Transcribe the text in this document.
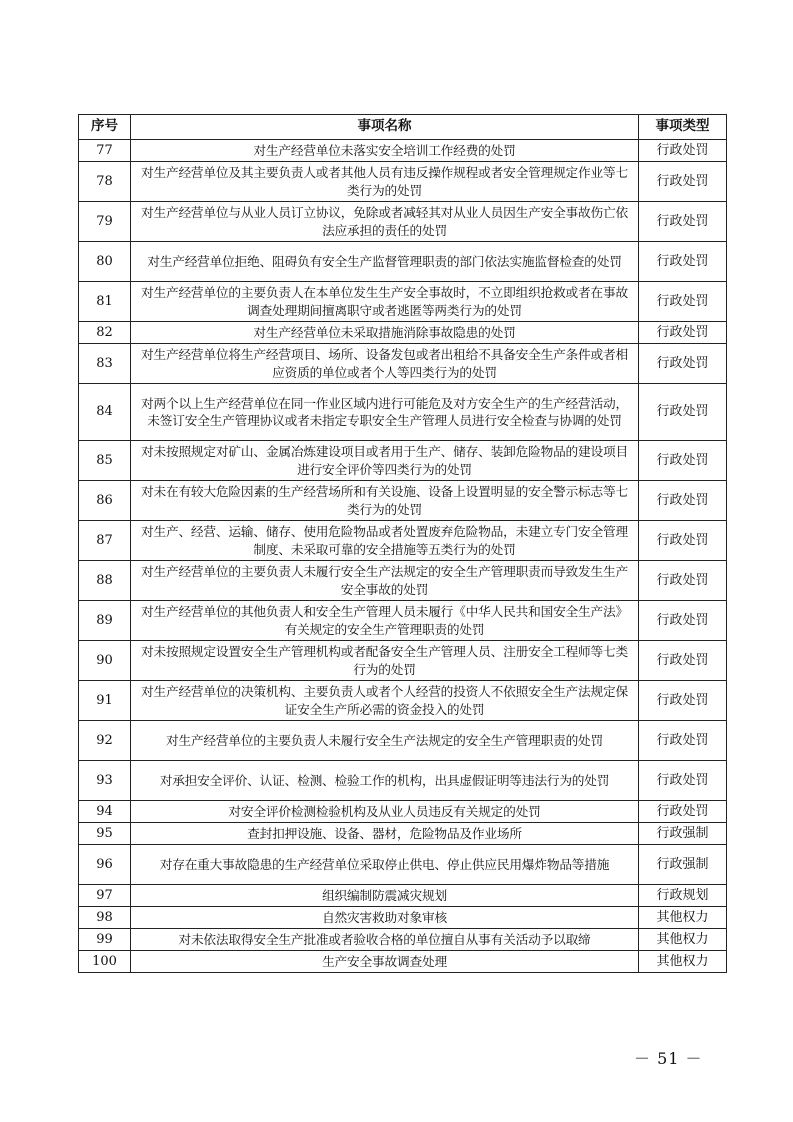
序号	事项名称	事项类型
77	对生产经营单位未落实安全培训工作经费的处罚	行政处罚
78	对生产经营单位及其主要负责人或者其他人员有违反操作规程或者安全管理规定作业等七类行为的处罚	行政处罚
79	对生产经营单位与从业人员订立协议，免除或者减轻其对从业人员因生产安全事故伤亡依法应承担的责任的处罚	行政处罚
80	对生产经营单位拒绝、阻碍负有安全生产监督管理职责的部门依法实施监督检查的处罚	行政处罚
81	对生产经营单位的主要负责人在本单位发生生产安全事故时，不立即组织抢救或者在事故调查处理期间擅离职守或者逃匿等两类行为的处罚	行政处罚
82	对生产经营单位未采取措施消除事故隐患的处罚	行政处罚
83	对生产经营单位将生产经营项目、场所、设备发包或者出租给不具备安全生产条件或者相应资质的单位或者个人等四类行为的处罚	行政处罚
84	对两个以上生产经营单位在同一作业区域内进行可能危及对方安全生产的生产经营活动，未签订安全生产管理协议或者未指定专职安全生产管理人员进行安全检查与协调的处罚	行政处罚
85	对未按照规定对矿山、金属冶炼建设项目或者用于生产、储存、装卸危险物品的建设项目进行安全评价等四类行为的处罚	行政处罚
86	对未在有较大危险因素的生产经营场所和有关设施、设备上设置明显的安全警示标志等七类行为的处罚	行政处罚
87	对生产、经营、运输、储存、使用危险物品或者处置废弃危险物品，未建立专门安全管理制度、未采取可靠的安全措施等五类行为的处罚	行政处罚
88	对生产经营单位的主要负责人未履行安全生产法规定的安全生产管理职责而导致发生生产安全事故的处罚	行政处罚
89	对生产经营单位的其他负责人和安全生产管理人员未履行《中华人民共和国安全生产法》有关规定的安全生产管理职责的处罚	行政处罚
90	对未按照规定设置安全生产管理机构或者配备安全生产管理人员、注册安全工程师等七类行为的处罚	行政处罚
91	对生产经营单位的决策机构、主要负责人或者个人经营的投资人不依照安全生产法规定保证安全生产所必需的资金投入的处罚	行政处罚
92	对生产经营单位的主要负责人未履行安全生产法规定的安全生产管理职责的处罚	行政处罚
93	对承担安全评价、认证、检测、检验工作的机构，出具虚假证明等违法行为的处罚	行政处罚
94	对安全评价检测检验机构及从业人员违反有关规定的处罚	行政处罚
95	查封扣押设施、设备、器材，危险物品及作业场所	行政强制
96	对存在重大事故隐患的生产经营单位采取停止供电、停止供应民用爆炸物品等措施	行政强制
97	组织编制防震减灾规划	行政规划
98	自然灾害救助对象审核	其他权力
99	对未依法取得安全生产批准或者验收合格的单位擅自从事有关活动予以取缔	其他权力
100	生产安全事故调查处理	其他权力
－ 51 －
